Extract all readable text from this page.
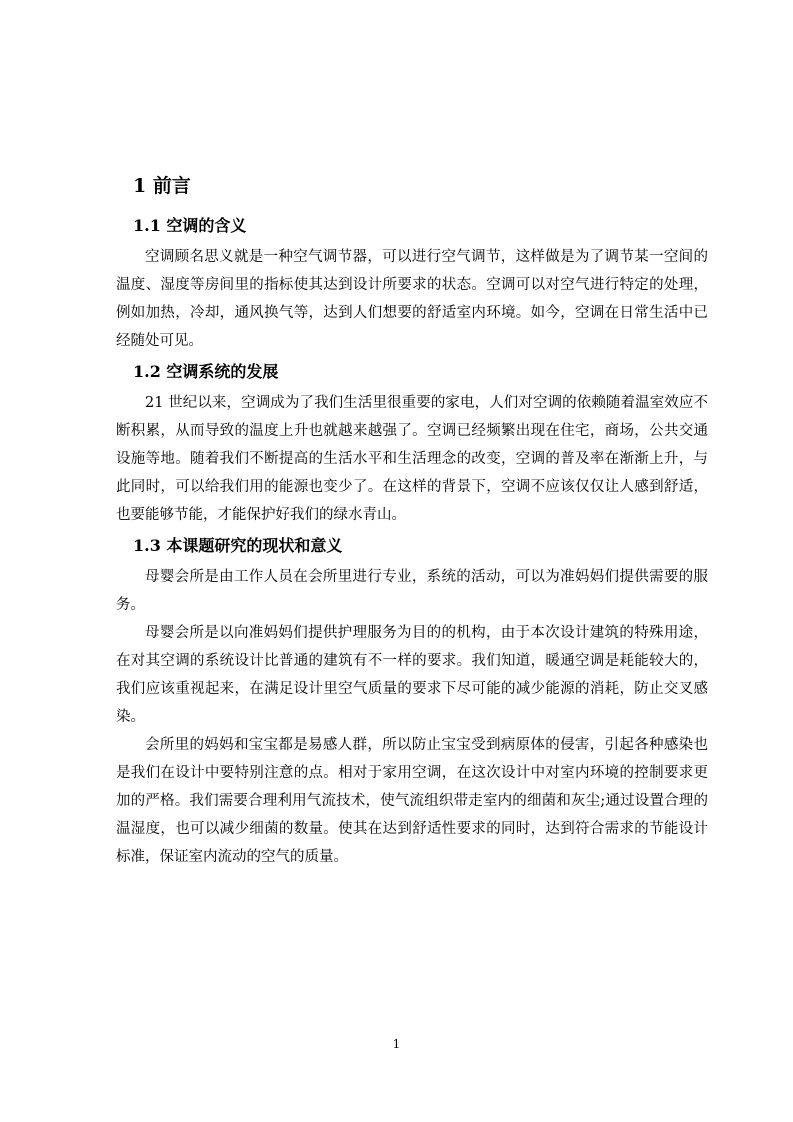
1 前言
1.1 空调的含义

空调顾名思义就是一种空气调节器，可以进行空气调节，这样做是为了调节某一空间的温度、湿度等房间里的指标使其达到设计所要求的状态。空调可以对空气进行特定的处理，例如加热，冷却，通风换气等，达到人们想要的舒适室内环境。如今，空调在日常生活中已经随处可见。

1.2 空调系统的发展

21 世纪以来，空调成为了我们生活里很重要的家电，人们对空调的依赖随着温室效应不断积累，从而导致的温度上升也就越来越强了。空调已经频繁出现在住宅，商场，公共交通设施等地。随着我们不断提高的生活水平和生活理念的改变，空调的普及率在渐渐上升，与此同时，可以给我们用的能源也变少了。在这样的背景下，空调不应该仅仅让人感到舒适，也要能够节能，才能保护好我们的绿水青山。

1.3 本课题研究的现状和意义

母婴会所是由工作人员在会所里进行专业，系统的活动，可以为准妈妈们提供需要的服务。

母婴会所是以向准妈妈们提供护理服务为目的的机构，由于本次设计建筑的特殊用途，在对其空调的系统设计比普通的建筑有不一样的要求。我们知道，暖通空调是耗能较大的，我们应该重视起来，在满足设计里空气质量的要求下尽可能的减少能源的消耗，防止交叉感染。

会所里的妈妈和宝宝都是易感人群，所以防止宝宝受到病原体的侵害，引起各种感染也是我们在设计中要特别注意的点。相对于家用空调，在这次设计中对室内环境的控制要求更加的严格。我们需要合理利用气流技术，使气流组织带走室内的细菌和灰尘;通过设置合理的温湿度，也可以减少细菌的数量。使其在达到舒适性要求的同时，达到符合需求的节能设计标准，保证室内流动的空气的质量。

1
